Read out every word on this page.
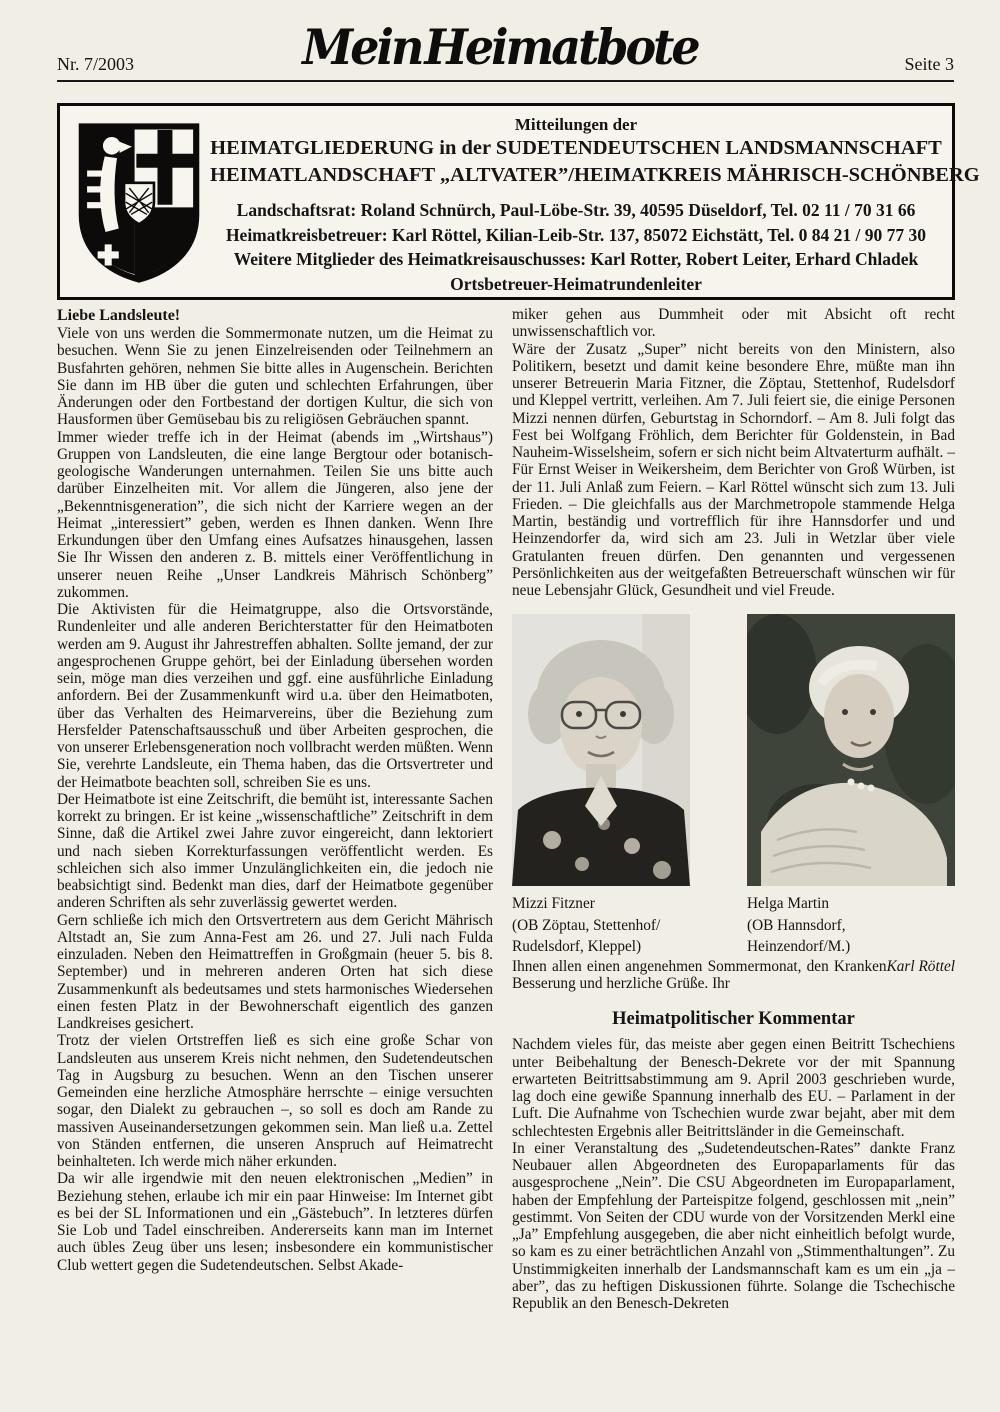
Mein Heimatbote
Nr. 7/2003	Seite 3
Mitteilungen der
HEIMATGLIEDERUNG in der SUDETENDEUTSCHEN LANDSMANNSCHAFT
HEIMATLANDSCHAFT „ALTVATER”/HEIMATKREIS MÄHRISCH-SCHÖNBERG
Landschaftsrat: Roland Schnürch, Paul-Löbe-Str. 39, 40595 Düseldorf, Tel. 02 11 / 70 31 66
Heimatkreisbetreuer: Karl Röttel, Kilian-Leib-Str. 137, 85072 Eichstätt, Tel. 0 84 21 / 90 77 30
Weitere Mitglieder des Heimatkreisauschusses: Karl Rotter, Robert Leiter, Erhard Chladek
Ortsbetreuer-Heimatrundenleiter
Liebe Landsleute!

Viele von uns werden die Sommermonate nutzen, um die Heimat zu besuchen. Wenn Sie zu jenen Einzelreisenden oder Teilnehmern an Busfahrten gehören, nehmen Sie bitte alles in Augenschein. Berichten Sie dann im HB über die guten und schlechten Erfahrungen, über Änderungen oder den Fortbestand der dortigen Kultur, die sich von Hausformen über Gemüsebau bis zu religiösen Gebräuchen spannt.

Immer wieder treffe ich in der Heimat (abends im „Wirtshaus”) Gruppen von Landsleuten, die eine lange Bergtour oder botanisch-geologische Wanderungen unternahmen. Teilen Sie uns bitte auch darüber Einzelheiten mit. Vor allem die Jüngeren, also jene der „Bekenntnisgeneration”, die sich nicht der Karriere wegen an der Heimat „interessiert” geben, werden es Ihnen danken. Wenn Ihre Erkundungen über den Umfang eines Aufsatzes hinausgehen, lassen Sie Ihr Wissen den anderen z. B. mittels einer Veröffentlichung in unserer neuen Reihe „Unser Landkreis Mährisch Schönberg” zukommen.

Die Aktivisten für die Heimatgruppe, also die Ortsvorstände, Rundenleiter und alle anderen Berichterstatter für den Heimatboten werden am 9. August ihr Jahrestreffen abhalten. Sollte jemand, der zur angesprochenen Gruppe gehört, bei der Einladung übersehen worden sein, möge man dies verzeihen und ggf. eine ausführliche Einladung anfordern. Bei der Zusammenkunft wird u.a. über den Heimatboten, über das Verhalten des Heimarvereins, über die Beziehung zum Hersfelder Patenschaftsausschuß und über Arbeiten gesprochen, die von unserer Erlebensgeneration noch vollbracht werden müßten. Wenn Sie, verehrte Landsleute, ein Thema haben, das die Ortsvertreter und der Heimatbote beachten soll, schreiben Sie es uns.

Der Heimatbote ist eine Zeitschrift, die bemüht ist, interessante Sachen korrekt zu bringen. Er ist keine „wissenschaftliche” Zeitschrift in dem Sinne, daß die Artikel zwei Jahre zuvor eingereicht, dann lektoriert und nach sieben Korrekturfassungen veröffentlicht werden. Es schleichen sich also immer Unzulänglichkeiten ein, die jedoch nie beabsichtigt sind. Bedenkt man dies, darf der Heimatbote gegenüber anderen Schriften als sehr zuverlässig gewertet werden.

Gern schließe ich mich den Ortsvertretern aus dem Gericht Mährisch Altstadt an, Sie zum Anna-Fest am 26. und 27. Juli nach Fulda einzuladen. Neben den Heimattreffen in Großgmain (heuer 5. bis 8. September) und in mehreren anderen Orten hat sich diese Zusammenkunft als bedeutsames und stets harmonisches Wiedersehen einen festen Platz in der Bewohnerschaft eigentlich des ganzen Landkreises gesichert.

Trotz der vielen Ortstreffen ließ es sich eine große Schar von Landsleuten aus unserem Kreis nicht nehmen, den Sudetendeutschen Tag in Augsburg zu besuchen. Wenn an den Tischen unserer Gemeinden eine herzliche Atmosphäre herrschte – einige versuchten sogar, den Dialekt zu gebrauchen –, so soll es doch am Rande zu massiven Auseinandersetzungen gekommen sein. Man ließ u.a. Zettel von Ständen entfernen, die unseren Anspruch auf Heimatrecht beinhalteten. Ich werde mich näher erkunden.

Da wir alle irgendwie mit den neuen elektronischen „Medien” in Beziehung stehen, erlaube ich mir ein paar Hinweise: Im Internet gibt es bei der SL Informationen und ein „Gästebuch”. In letzteres dürfen Sie Lob und Tadel einschreiben. Andererseits kann man im Internet auch übles Zeug über uns lesen; insbesondere ein kommunistischer Club wettert gegen die Sudetendeutschen. Selbst Akade-

miker gehen aus Dummheit oder mit Absicht oft recht unwissenschaftlich vor.

Wäre der Zusatz „Super” nicht bereits von den Ministern, also Politikern, besetzt und damit keine besondere Ehre, müßte man ihn unserer Betreuerin Maria Fitzner, die Zöptau, Stettenhof, Rudelsdorf und Kleppel vertritt, verleihen. Am 7. Juli feiert sie, die einige Personen Mizzi nennen dürfen, Geburtstag in Schorndorf. – Am 8. Juli folgt das Fest bei Wolfgang Fröhlich, dem Berichter für Goldenstein, in Bad Nauheim-Wisselsheim, sofern er sich nicht beim Altvaterturm aufhält. – Für Ernst Weiser in Weikersheim, dem Berichter von Groß Würben, ist der 11. Juli Anlaß zum Feiern. – Karl Röttel wünscht sich zum 13. Juli Frieden. – Die gleichfalls aus der Marchmetropole stammende Helga Martin, beständig und vortrefflich für ihre Hannsdorfer und und Heinzendorfer da, wird sich am 23. Juli in Wetzlar über viele Gratulanten freuen dürfen. Den genannten und vergessenen Persönlichkeiten aus der weitgefaßten Betreuerschaft wünschen wir für neue Lebensjahr Glück, Gesundheit und viel Freude.

Mizzi Fitzner
(OB Zöptau, Stettenhof/
Rudelsdorf, Kleppel)
Helga Martin
(OB Hannsdorf,
Heinzendorf/M.)

Karl Röttel
Ihnen allen einen angenehmen Sommermonat, den Kranken Besserung und herzliche Grüße. Ihr

Heimatpolitischer Kommentar

Nachdem vieles für, das meiste aber gegen einen Beitritt Tschechiens unter Beibehaltung der Benesch-Dekrete vor der mit Spannung erwarteten Beitrittsabstimmung am 9. April 2003 geschrieben wurde, lag doch eine gewiße Spannung innerhalb des EU. – Parlament in der Luft. Die Aufnahme von Tschechien wurde zwar bejaht, aber mit dem schlechtesten Ergebnis aller Beitrittsländer in die Gemeinschaft.

In einer Veranstaltung des „Sudetendeutschen-Rates” dankte Franz Neubauer allen Abgeordneten des Europaparlaments für das ausgesprochene „Nein”. Die CSU Abgeordneten im Europaparlament, haben der Empfehlung der Parteispitze folgend, geschlossen mit „nein” gestimmt. Von Seiten der CDU wurde von der Vorsitzenden Merkl eine „Ja” Empfehlung ausgegeben, die aber nicht einheitlich befolgt wurde, so kam es zu einer beträchtlichen Anzahl von „Stimmenthaltungen”. Zu Unstimmigkeiten innerhalb der Landsmannschaft kam es um ein „ja – aber”, das zu heftigen Diskussionen führte. Solange die Tschechische Republik an den Benesch-Dekreten
